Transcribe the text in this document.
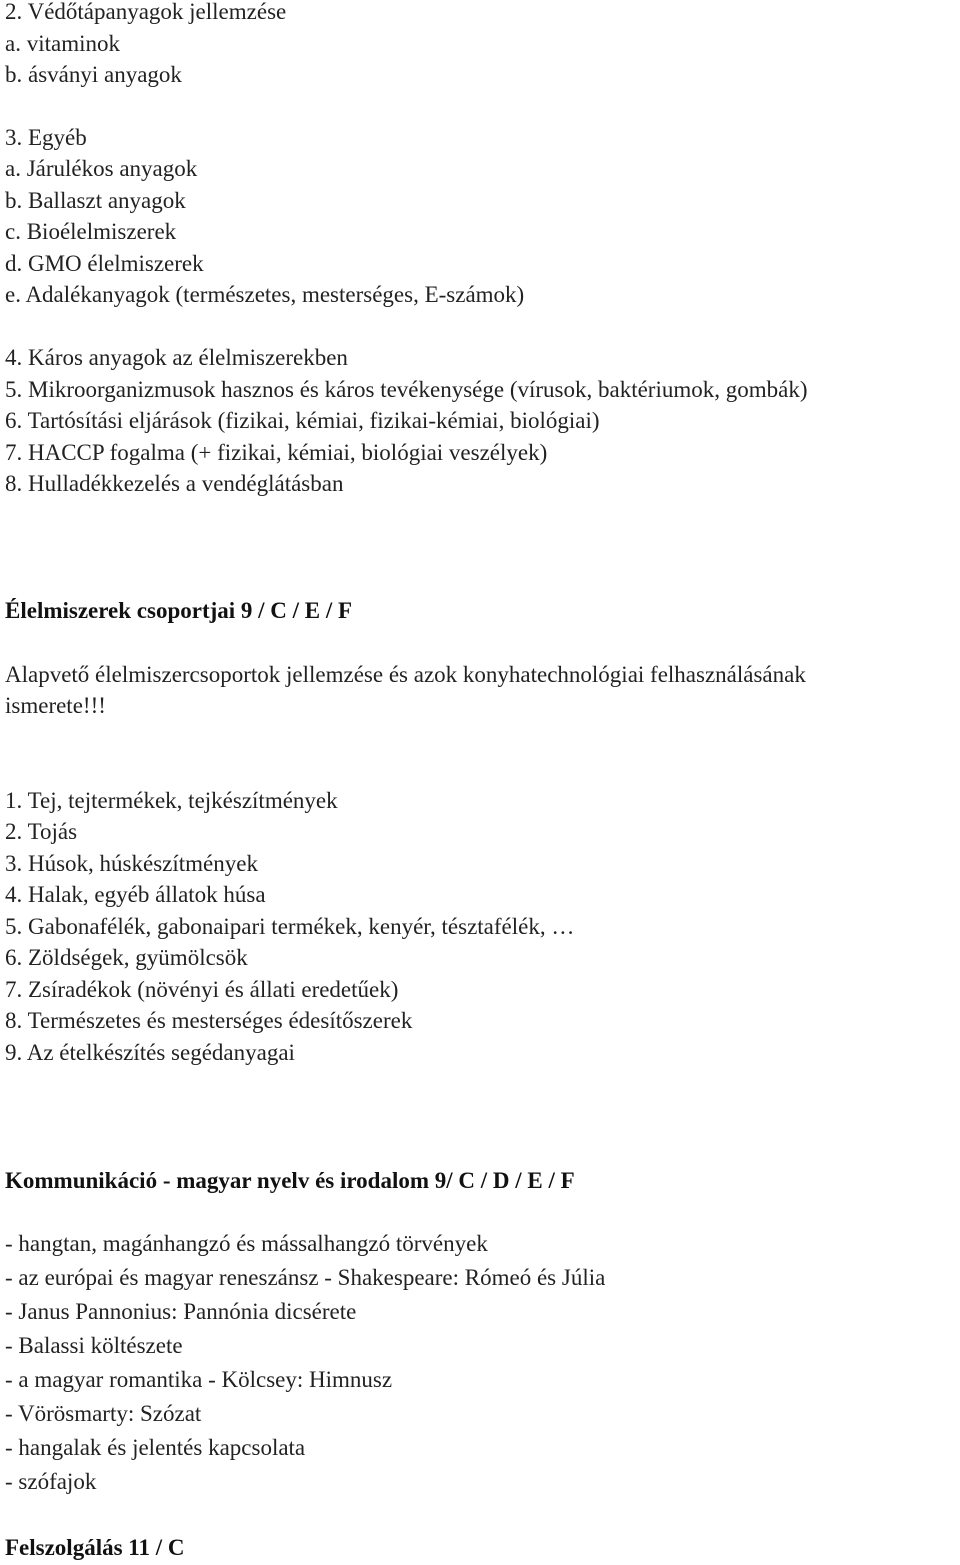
2. Védőtápanyagok jellemzése
a. vitaminok
b. ásványi anyagok
3. Egyéb
a. Járulékos anyagok
b. Ballaszt anyagok
c. Bioélelmiszerek
d. GMO élelmiszerek
e. Adalékanyagok (természetes, mesterséges, E-számok)
4. Káros anyagok az élelmiszerekben
5. Mikroorganizmusok hasznos és káros tevékenysége (vírusok, baktériumok, gombák)
6. Tartósítási eljárások (fizikai, kémiai, fizikai-kémiai, biológiai)
7. HACCP fogalma (+ fizikai, kémiai, biológiai veszélyek)
8. Hulladékkezelés a vendéglátásban
Élelmiszerek csoportjai 9 / C / E / F
Alapvető élelmiszercsoportok jellemzése és azok konyhatechnológiai felhasználásának
ismerete!!!
1. Tej, tejtermékek, tejkészítmények
2. Tojás
3. Húsok, húskészítmények
4. Halak, egyéb állatok húsa
5. Gabonafélék, gabonaipari termékek, kenyér, tésztafélék, …
6. Zöldségek, gyümölcsök
7. Zsíradékok (növényi és állati eredetűek)
8. Természetes és mesterséges édesítőszerek
9. Az ételkészítés segédanyagai
Kommunikáció - magyar nyelv és irodalom 9/ C / D / E / F
- hangtan, magánhangzó és mássalhangzó törvények
- az európai és magyar reneszánsz - Shakespeare: Rómeó és Júlia
- Janus Pannonius: Pannónia dicsérete
- Balassi költészete
- a magyar romantika - Kölcsey: Himnusz
- Vörösmarty: Szózat
- hangalak és jelentés kapcsolata
- szófajok
Felszolgálás 11 / C
